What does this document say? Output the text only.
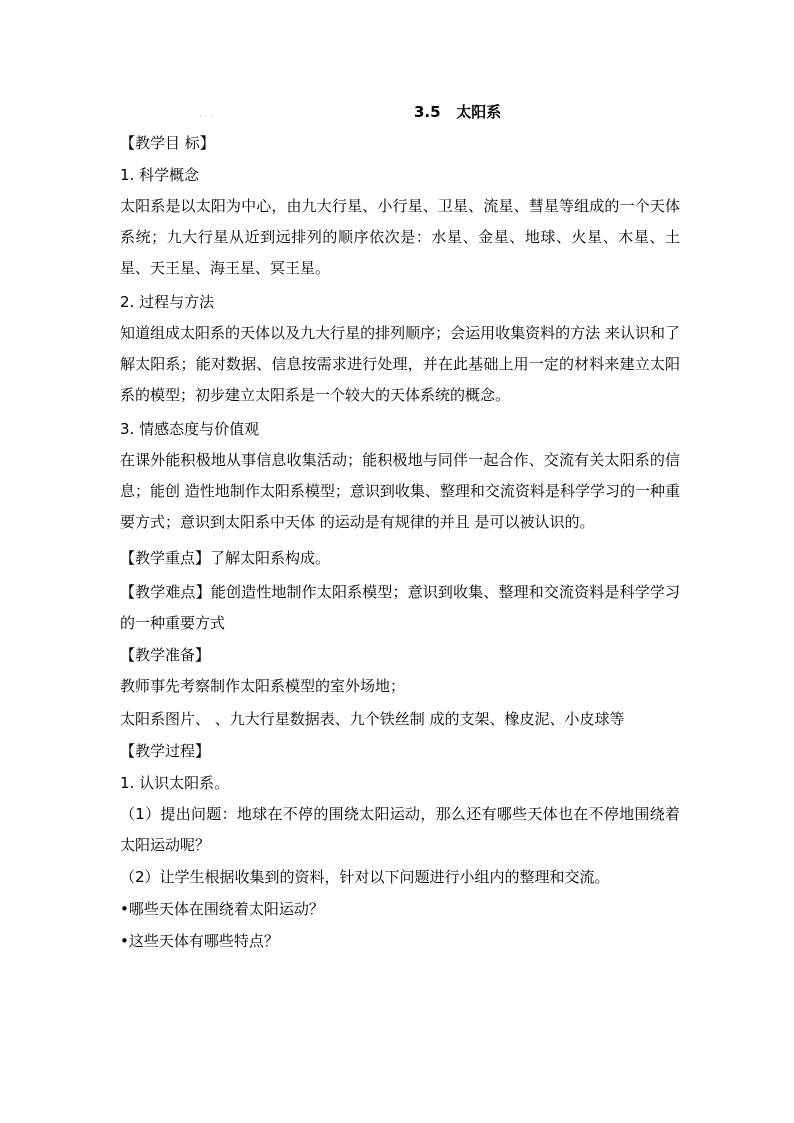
· ·	3.5   太阳系

【教学目 标】

1. 科学概念

太阳系是以太阳为中心，由九大行星、小行星、卫星、流星、彗星等组成的一个天体系统；九大行星从近到远排列的顺序依次是：水星、金星、地球、火星、木星、土星、天王星、海王星、冥王星。

2. 过程与方法

知道组成太阳系的天体以及九大行星的排列顺序；会运用收集资料的方法 来认识和了 解太阳系；能对数据、信息按需求进行处理，并在此基础上用一定的材料来建立太阳系的模型；初步建立太阳系是一个较大的天体系统的概念。

3. 情感态度与价值观

在课外能积极地从事信息收集活动；能积极地与同伴一起合作、交流有关太阳系的信息；能创 造性地制作太阳系模型；意识到收集、整理和交流资料是科学学习的一种重要方式；意识到太阳系中天体 的运动是有规律的并且 是可以被认识的。

【教学重点】了解太阳系构成。

【教学难点】能创造性地制作太阳系模型；意识到收集、整理和交流资料是科学学习的一种重要方式

【教学准备】

教师事先考察制作太阳系模型的室外场地；

太阳系图片、 、九大行星数据表、九个铁丝制 成的支架、橡皮泥、小皮球等

【教学过程】

1. 认识太阳系。

（1）提出问题：地球在不停的围绕太阳运动，那么还有哪些天体也在不停地围绕着太阳运动呢？

（2）让学生根据收集到的资料，针对以下问题进行小组内的整理和交流。

•哪些天体在围绕着太阳运动？

•这些天体有哪些特点？
